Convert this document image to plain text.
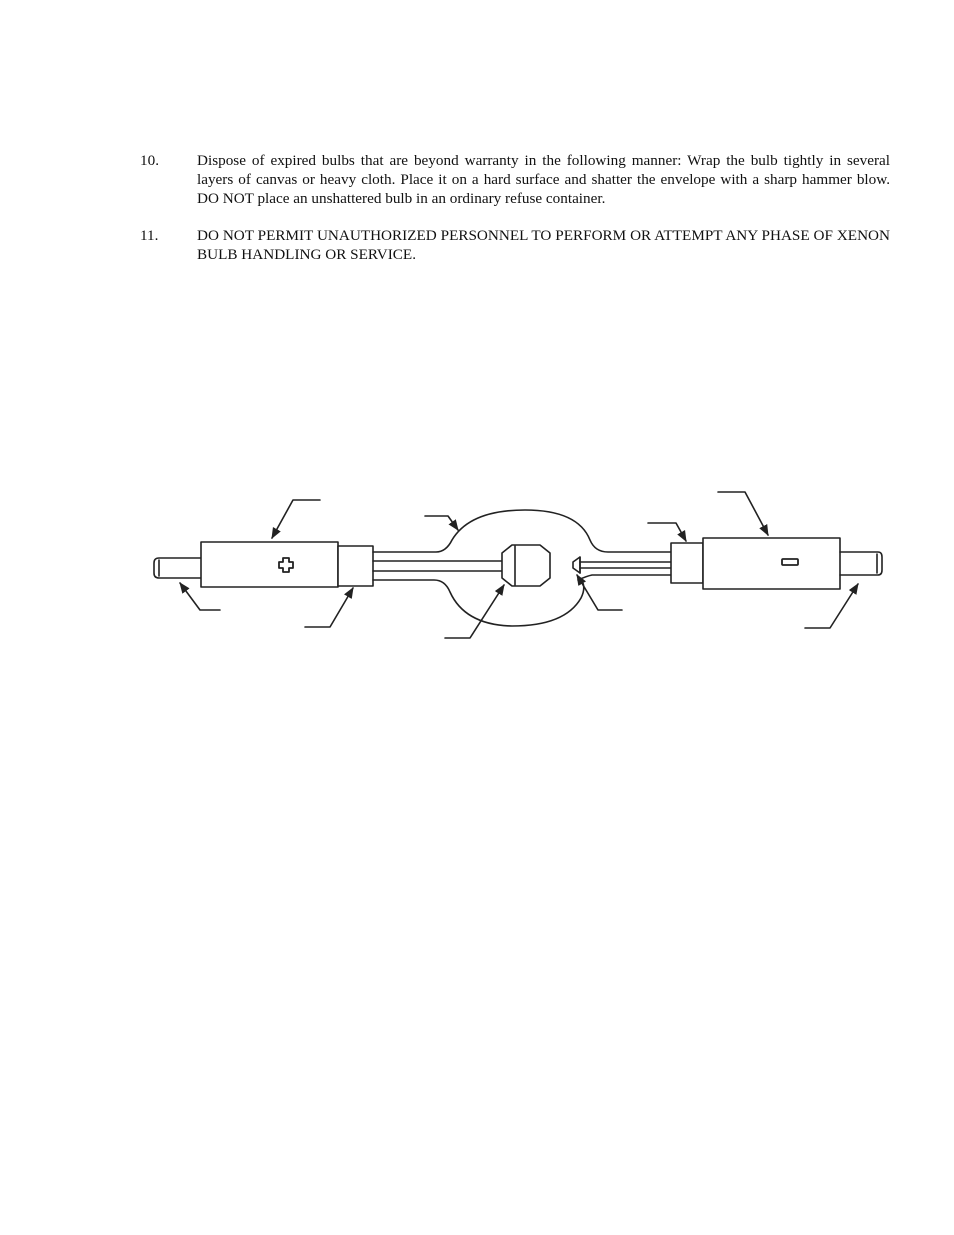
10.	Dispose of expired bulbs that are beyond warranty in the following manner: Wrap the bulb tightly in several layers of canvas or heavy cloth. Place it on a hard surface and shatter the envelope with a sharp hammer blow. DO NOT place an unshattered bulb in an ordinary refuse container.
11.	DO NOT PERMIT UNAUTHORIZED PERSONNEL TO PERFORM OR ATTEMPT ANY PHASE OF XENON BULB HANDLING OR SERVICE.
